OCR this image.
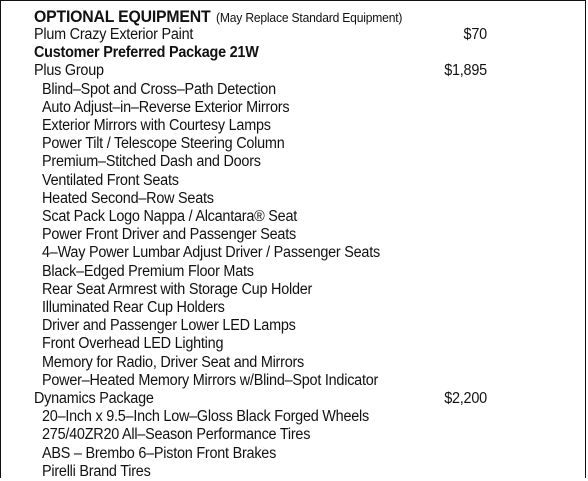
OPTIONAL EQUIPMENT (May Replace Standard Equipment)
Plum Crazy Exterior Paint	$70
Customer Preferred Package 21W
Plus Group	$1,895
Blind–Spot and Cross–Path Detection
Auto Adjust–in–Reverse Exterior Mirrors
Exterior Mirrors with Courtesy Lamps
Power Tilt / Telescope Steering Column
Premium–Stitched Dash and Doors
Ventilated Front Seats
Heated Second–Row Seats
Scat Pack Logo Nappa / Alcantara® Seat
Power Front Driver and Passenger Seats
4–Way Power Lumbar Adjust Driver / Passenger Seats
Black–Edged Premium Floor Mats
Rear Seat Armrest with Storage Cup Holder
Illuminated Rear Cup Holders
Driver and Passenger Lower LED Lamps
Front Overhead LED Lighting
Memory for Radio, Driver Seat and Mirrors
Power–Heated Memory Mirrors w/Blind–Spot Indicator
Dynamics Package	$2,200
20–Inch x 9.5–Inch Low–Gloss Black Forged Wheels
275/40ZR20 All–Season Performance Tires
ABS – Brembo 6–Piston Front Brakes
Pirelli Brand Tires
